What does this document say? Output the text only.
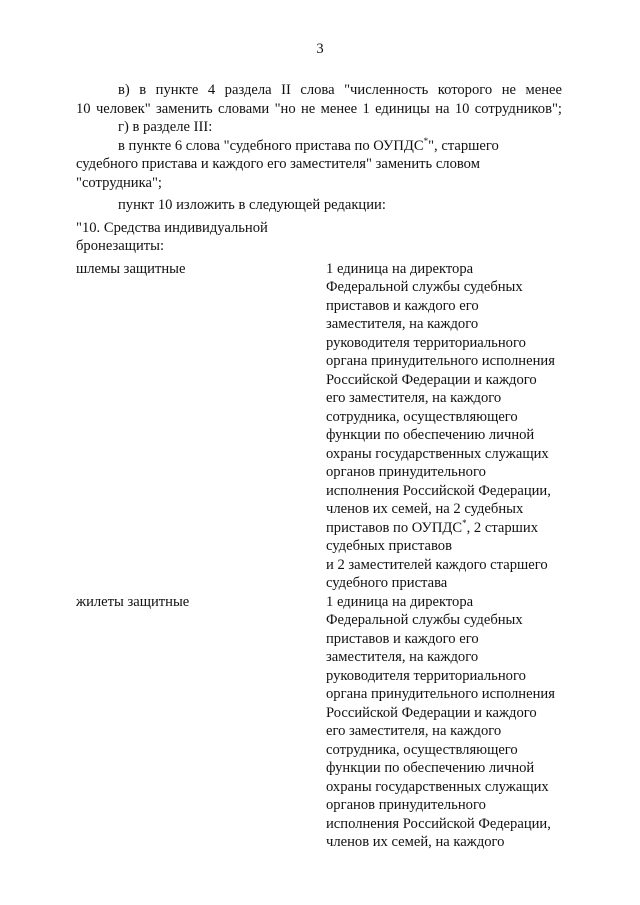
3

в) в пункте 4 раздела II слова "численность которого не менее
10 человек" заменить словами "но не менее 1 единицы на 10 сотрудников";

г) в разделе III:

в пункте 6 слова "судебного пристава по ОУПДС*", старшего
судебного пристава и каждого его заместителя" заменить словом
"сотрудника";

пункт 10 изложить в следующей редакции:

"10. Средства индивидуальной бронезащиты:

шлемы защитные	1 единица на директора
Федеральной службы судебных
приставов и каждого его
заместителя, на каждого
руководителя территориального
органа принудительного исполнения
Российской Федерации и каждого
его заместителя, на каждого
сотрудника, осуществляющего
функции по обеспечению личной
охраны государственных служащих
органов принудительного
исполнения Российской Федерации,
членов их семей, на 2 судебных
приставов по ОУПДС*, 2 старших
судебных приставов
и 2 заместителей каждого старшего
судебного пристава
жилеты защитные	1 единица на директора
Федеральной службы судебных
приставов и каждого его
заместителя, на каждого
руководителя территориального
органа принудительного исполнения
Российской Федерации и каждого
его заместителя, на каждого
сотрудника, осуществляющего
функции по обеспечению личной
охраны государственных служащих
органов принудительного
исполнения Российской Федерации,
членов их семей, на каждого
